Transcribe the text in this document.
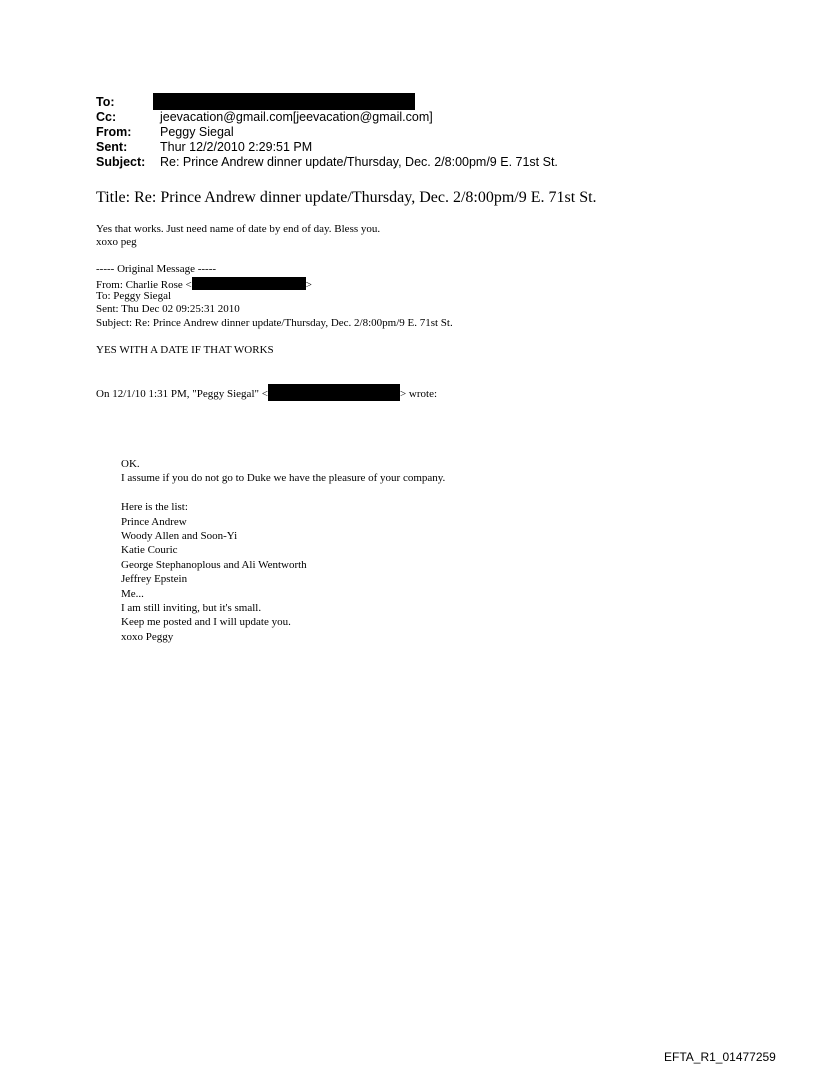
To:
Cc:	jeevacation@gmail.com[jeevacation@gmail.com]
From:	Peggy Siegal
Sent:	Thur 12/2/2010 2:29:51 PM
Subject:	Re: Prince Andrew dinner update/Thursday, Dec. 2/8:00pm/9 E. 71st St.
Title: Re: Prince Andrew dinner update/Thursday, Dec. 2/8:00pm/9 E. 71st St.
Yes that works. Just need name of date by end of day. Bless you.
xoxo peg
----- Original Message -----
From: Charlie Rose <	>
To: Peggy Siegal
Sent: Thu Dec 02 09:25:31 2010
Subject: Re: Prince Andrew dinner update/Thursday, Dec. 2/8:00pm/9 E. 71st St.
YES WITH A DATE IF THAT WORKS
On 12/1/10 1:31 PM, "Peggy Siegal" <	> wrote:
OK.
I assume if you do not go to Duke we have the pleasure of your company.
Here is the list:
Prince Andrew
Woody Allen and Soon-Yi
Katie Couric
George Stephanoplous and Ali Wentworth
Jeffrey Epstein
Me...
I am still inviting, but it's small.
Keep me posted and I will update you.
xoxo Peggy
EFTA_R1_01477259
